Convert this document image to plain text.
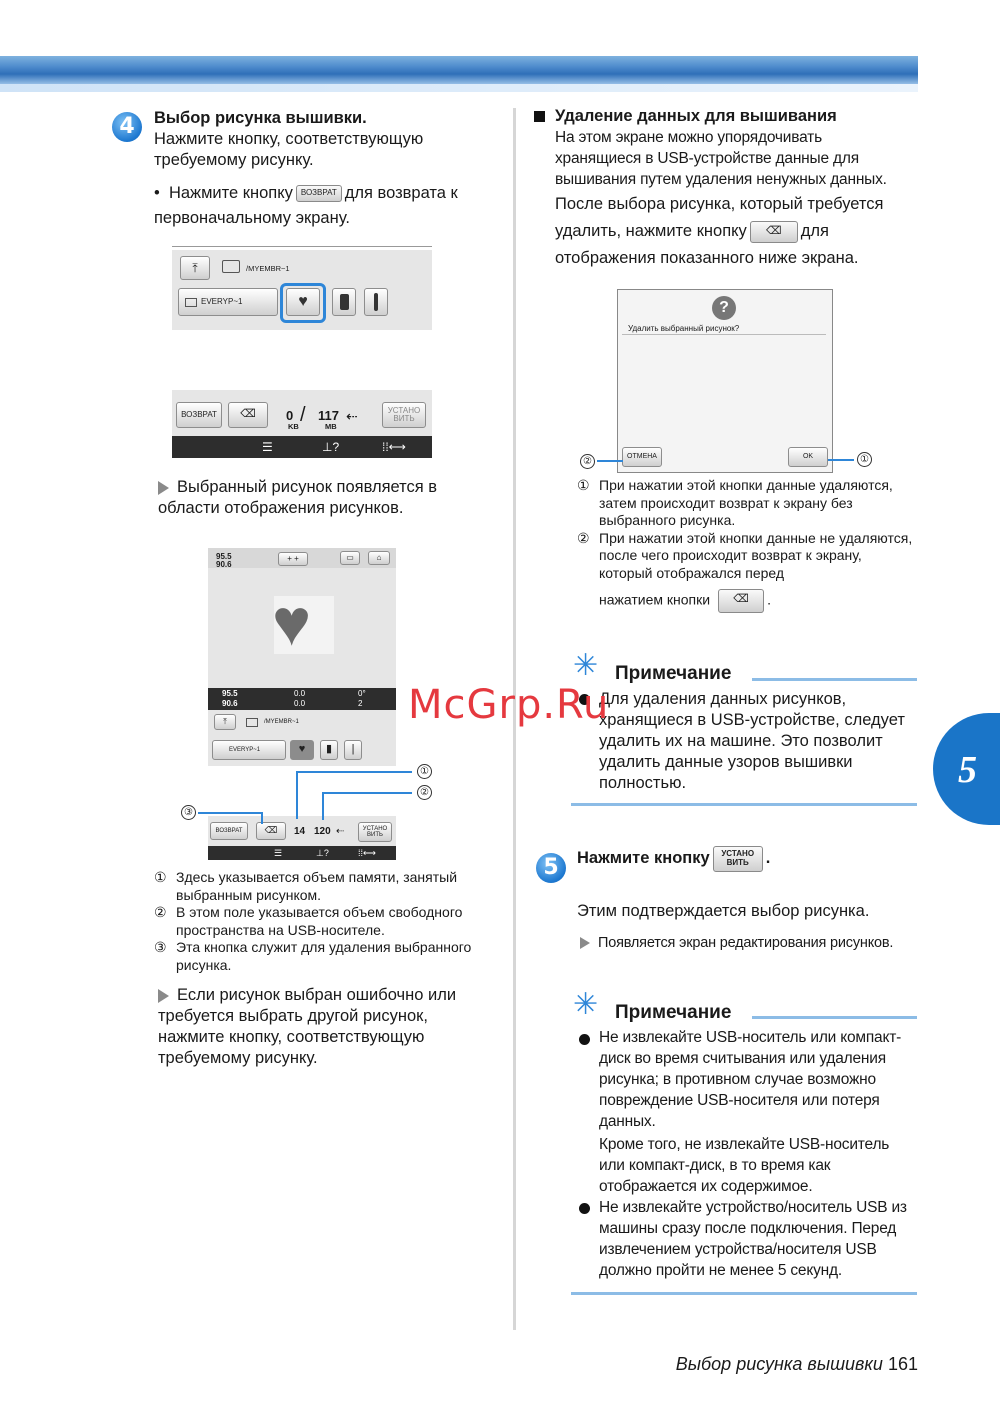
4	Выбор рисунка вышивки.
Нажмите кнопку, соответствующую требуемому рисунку.
•  Нажмите кнопку ВОЗВРАТ для возврата к первоначальному экрану.
⤒	/MYEMBR~1
EVERYP~1	♥
ВОЗВРАТ	⌫ 0
KB
/ 117
MB
⇠	УСТАНО ВИТЬ
☰	⊥?	⁞⁞⟷
Выбранный рисунок появляется в области отображения рисунков.
95.5
90.6
+ +	▭	⌂
♥
95.5
90.6
0.0
0.0
0°
2
⤒	/MYEMBR~1
EVERYP~1	♥	▮	|
ВОЗВРАТ	⌫ 14 120 ⇠	УСТАНО ВИТЬ
☰	⊥?	⁞⁞⟷
①
②
③
① Здесь указывается объем памяти, занятый выбранным рисунком.
② В этом поле указывается объем свободного пространства на USB-носителе.
③ Эта кнопка служит для удаления выбранного рисунка.
Если рисунок выбран ошибочно или требуется выбрать другой рисунок, нажмите кнопку, соответствующую требуемому рисунку.
Удаление данных для вышивания
На этом экране можно упорядочивать хранящиеся в USB-устройстве данные для вышивания путем удаления ненужных данных.
После выбора рисунка, который требуется удалить, нажмите кнопку ⌫ для отображения показанного ниже экрана.
?
Удалить выбранный рисунок?
ОТМЕНА	OK
②	①
① При нажатии этой кнопки данные удаляются, затем происходит возврат к экрану без выбранного рисунка.
② При нажатии этой кнопки данные не удаляются, после чего происходит возврат к экрану, который отображался перед
нажатием кнопки ⌫ .
✳ Примечание
Для удаления данных рисунков, хранящиеся в USB-устройстве, следует удалить их на машине. Это позволит удалить данные узоров вышивки полностью.
5	Нажмите кнопку УСТАНО ВИТЬ .
Этим подтверждается выбор рисунка.
Появляется экран редактирования рисунков.
✳ Примечание
Не извлекайте USB-носитель или компакт-диск во время считывания или удаления рисунка; в противном случае возможно повреждение USB-носителя или потеря данных.
Кроме того, не извлекайте USB-носитель или компакт-диск, в то время как отображается их содержимое.
Не извлекайте устройство/носитель USB из машины сразу после подключения. Перед извлечением устройства/носителя USB должно пройти не менее 5 секунд.
5
McGrp.Ru
Выбор рисунка вышивки 161
